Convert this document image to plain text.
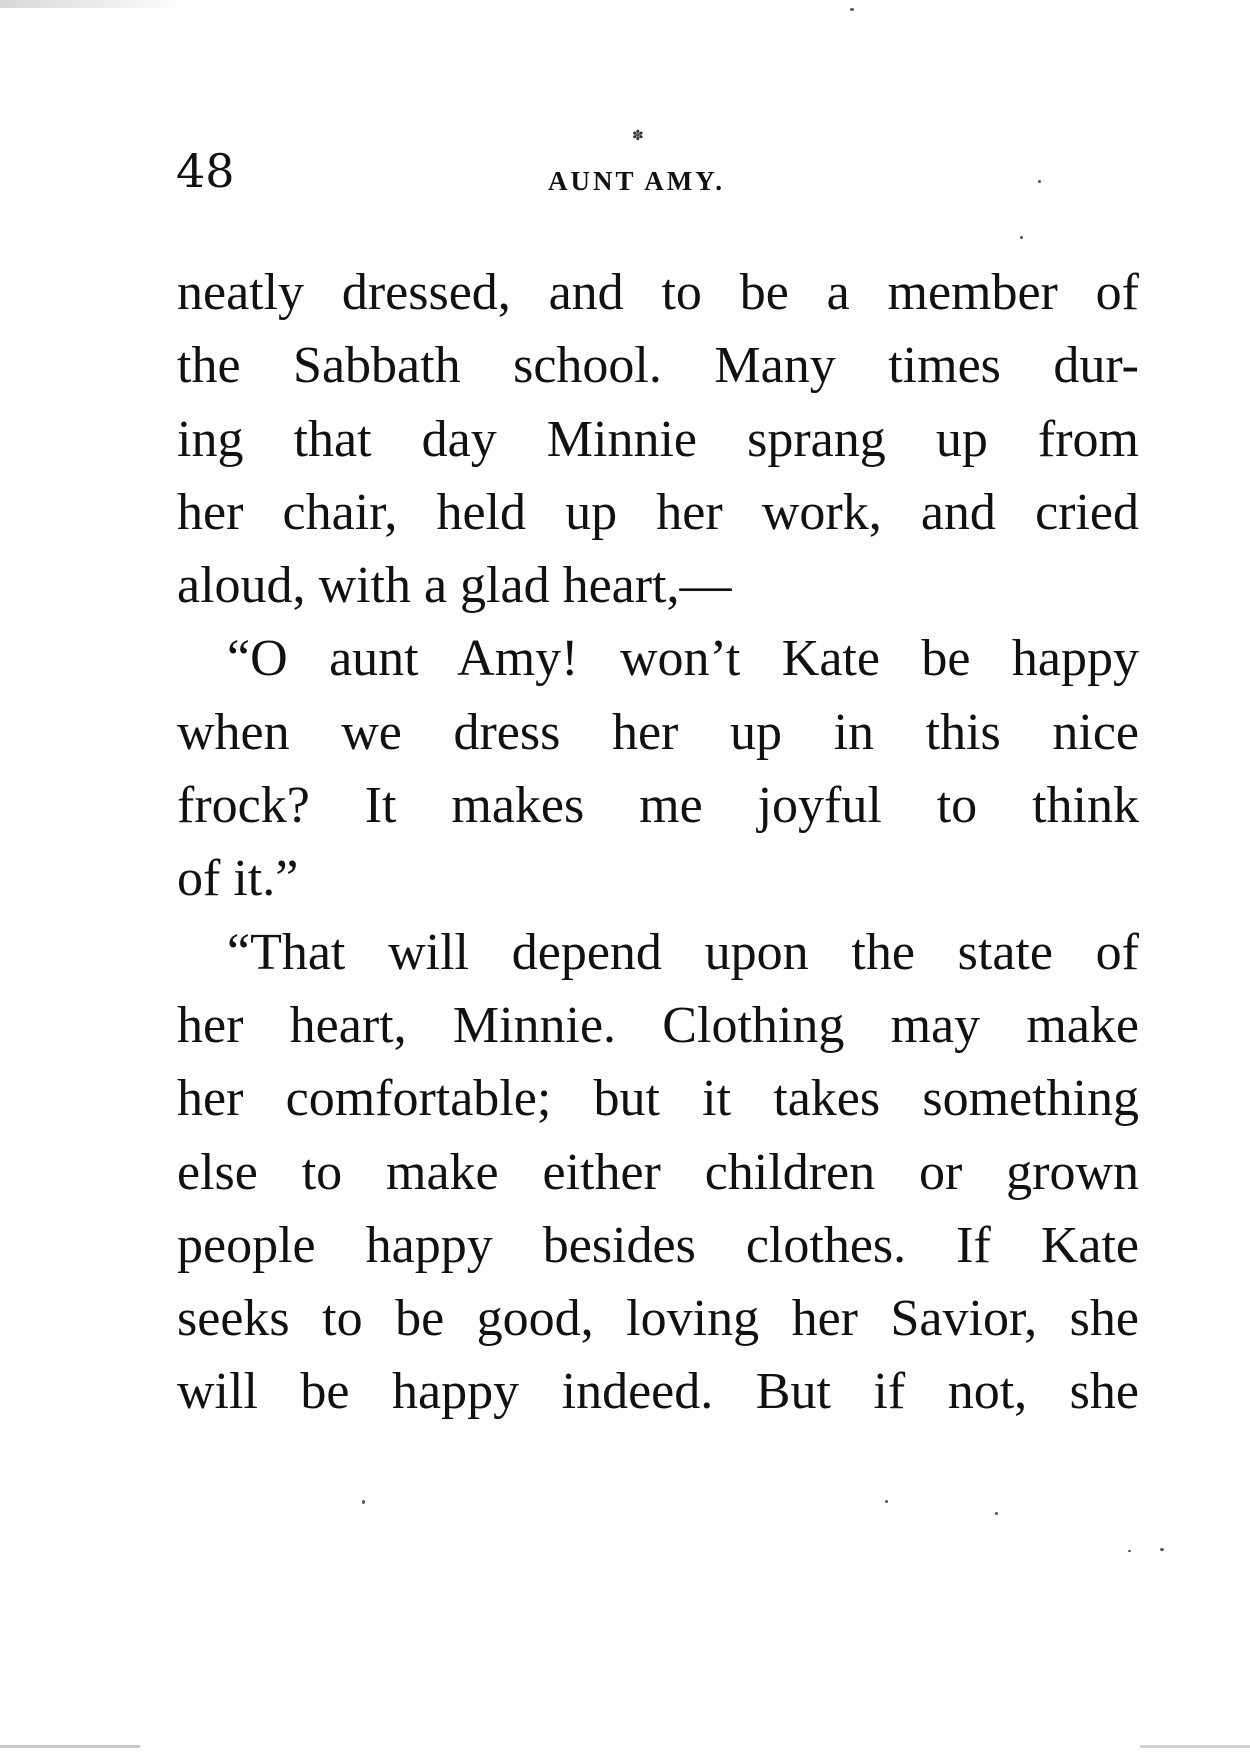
✽
48	AUNT AMY.
neatly dressed, and to be a member of
the Sabbath school. Many times dur-
ing that day Minnie sprang up from
her chair, held up her work, and cried
aloud, with a glad heart,—
“O aunt Amy! won’t Kate be happy
when we dress her up in this nice
frock? It makes me joyful to think
of it.”
“That will depend upon the state of
her heart, Minnie. Clothing may make
her comfortable; but it takes something
else to make either children or grown
people happy besides clothes. If Kate
seeks to be good, loving her Savior, she
will be happy indeed. But if not, she
